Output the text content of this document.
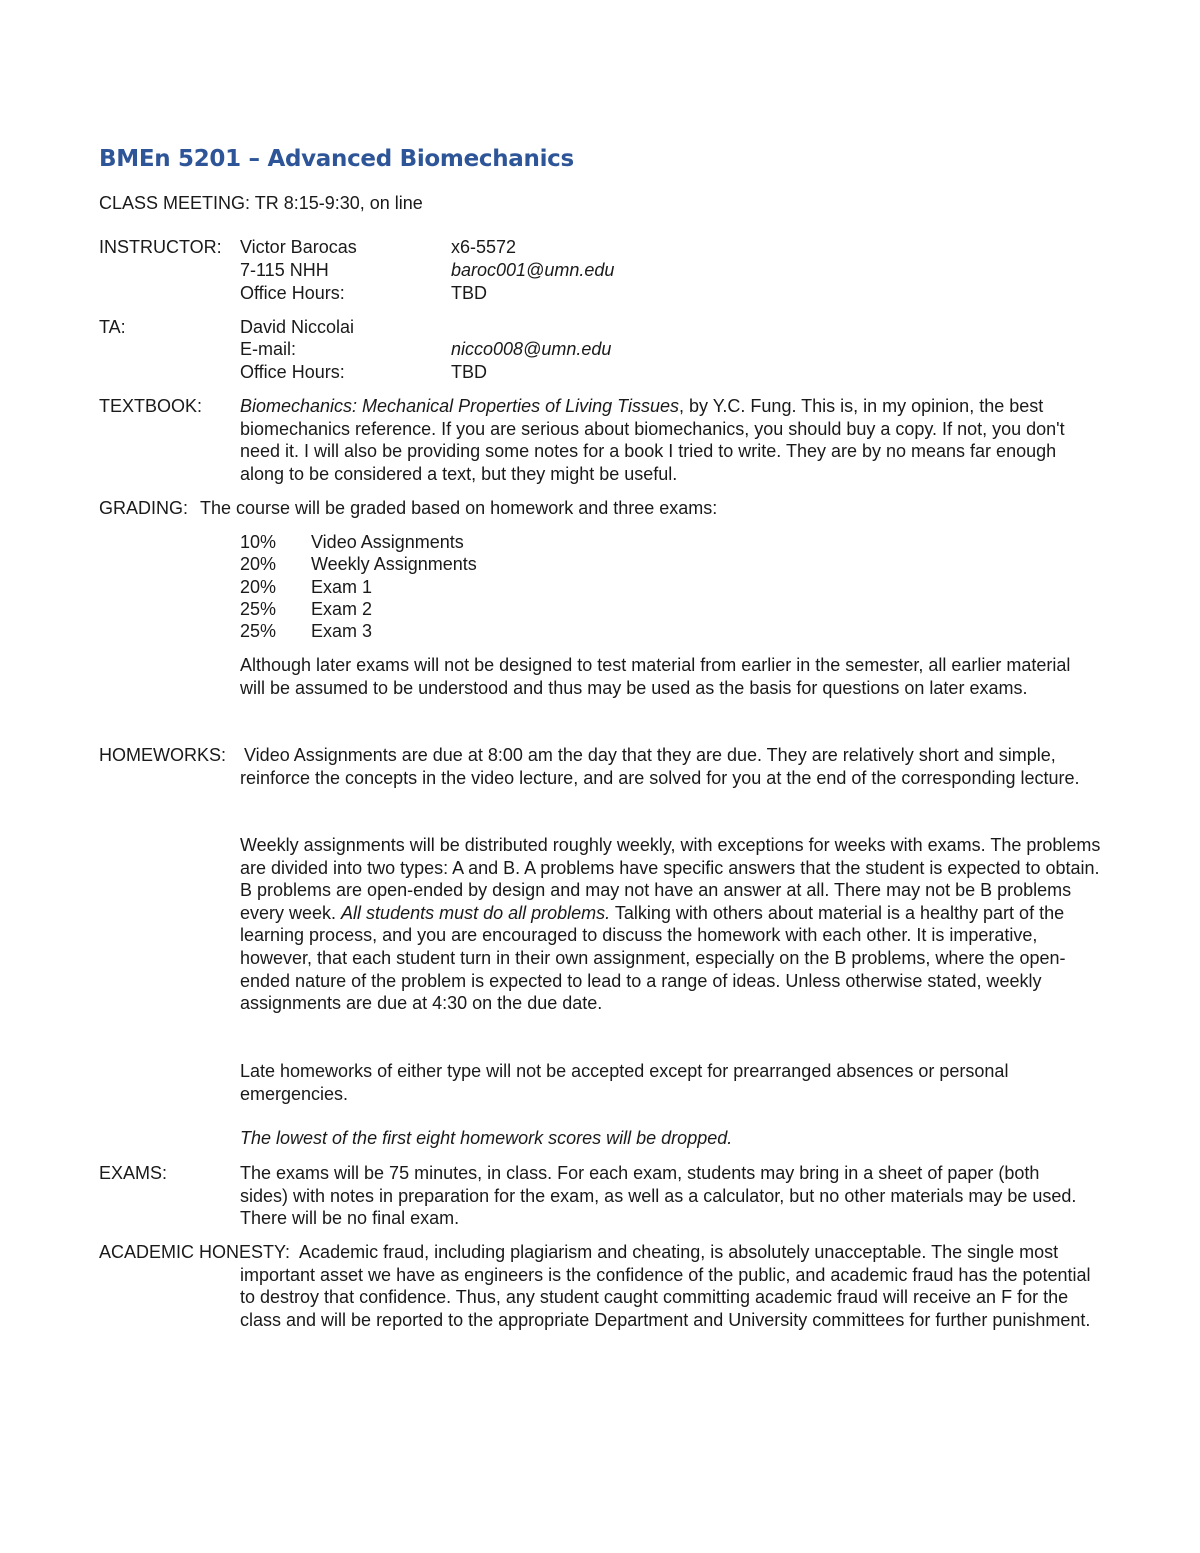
BMEn 5201 – Advanced Biomechanics
CLASS MEETING: TR 8:15-9:30, on line
INSTRUCTOR: Victor Barocas	x6-5572
7-115 NHH	baroc001@umn.edu
Office Hours:	TBD
TA:	David Niccolai
E-mail:	nicco008@umn.edu
Office Hours:	TBD
TEXTBOOK: Biomechanics: Mechanical Properties of Living Tissues, by Y.C. Fung. This is, in my opinion, the best biomechanics reference. If you are serious about biomechanics, you should buy a copy. If not, you don't need it. I will also be providing some notes for a book I tried to write. They are by no means far enough along to be considered a text, but they might be useful.
GRADING: The course will be graded based on homework and three exams:
10% Video Assignments
20% Weekly Assignments
20% Exam 1
25% Exam 2
25% Exam 3
Although later exams will not be designed to test material from earlier in the semester, all earlier material will be assumed to be understood and thus may be used as the basis for questions on later exams.
HOMEWORKS: Video Assignments are due at 8:00 am the day that they are due. They are relatively short and simple, reinforce the concepts in the video lecture, and are solved for you at the end of the corresponding lecture.
Weekly assignments will be distributed roughly weekly, with exceptions for weeks with exams. The problems are divided into two types: A and B. A problems have specific answers that the student is expected to obtain. B problems are open-ended by design and may not have an answer at all. There may not be B problems every week. All students must do all problems. Talking with others about material is a healthy part of the learning process, and you are encouraged to discuss the homework with each other. It is imperative, however, that each student turn in their own assignment, especially on the B problems, where the open-ended nature of the problem is expected to lead to a range of ideas. Unless otherwise stated, weekly assignments are due at 4:30 on the due date.
Late homeworks of either type will not be accepted except for prearranged absences or personal emergencies.
The lowest of the first eight homework scores will be dropped.
EXAMS:	The exams will be 75 minutes, in class. For each exam, students may bring in a sheet of paper (both sides) with notes in preparation for the exam, as well as a calculator, but no other materials may be used. There will be no final exam.
ACADEMIC HONESTY: Academic fraud, including plagiarism and cheating, is absolutely unacceptable. The single most important asset we have as engineers is the confidence of the public, and academic fraud has the potential to destroy that confidence. Thus, any student caught committing academic fraud will receive an F for the class and will be reported to the appropriate Department and University committees for further punishment.
